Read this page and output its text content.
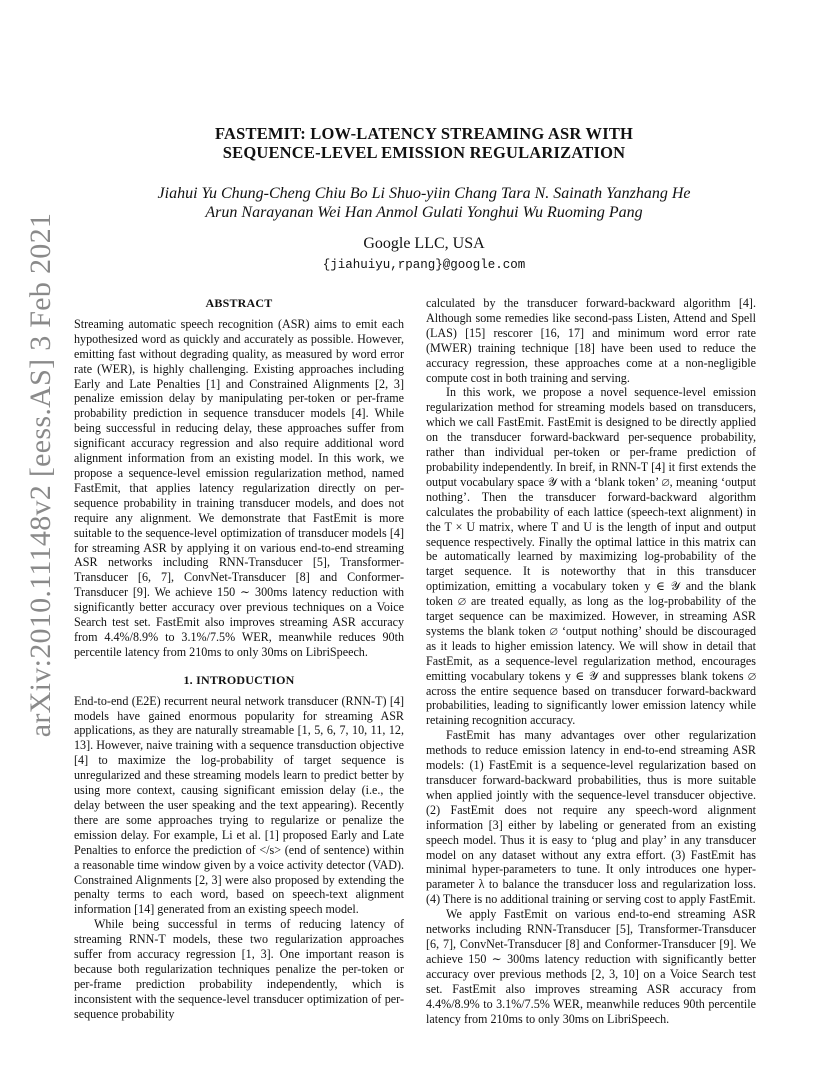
arXiv:2010.11148v2 [eess.AS] 3 Feb 2021
FASTEMIT: LOW-LATENCY STREAMING ASR WITH
SEQUENCE-LEVEL EMISSION REGULARIZATION
Jiahui Yu Chung-Cheng Chiu Bo Li Shuo-yiin Chang Tara N. Sainath Yanzhang He
Arun Narayanan Wei Han Anmol Gulati Yonghui Wu Ruoming Pang
Google LLC, USA
{jiahuiyu,rpang}@google.com
ABSTRACT

Streaming automatic speech recognition (ASR) aims to emit each hypothesized word as quickly and accurately as possible. However, emitting fast without degrading quality, as measured by word error rate (WER), is highly challenging. Existing approaches including Early and Late Penalties [1] and Constrained Alignments [2, 3] penalize emission delay by manipulating per-token or per-frame probability prediction in sequence transducer models [4]. While being successful in reducing delay, these approaches suffer from significant accuracy regression and also require additional word alignment information from an existing model. In this work, we propose a sequence-level emission regularization method, named FastEmit, that applies latency regularization directly on per-sequence probability in training transducer models, and does not require any alignment. We demonstrate that FastEmit is more suitable to the sequence-level optimization of transducer models [4] for streaming ASR by applying it on various end-to-end streaming ASR networks including RNN-Transducer [5], Transformer-Transducer [6, 7], ConvNet-Transducer [8] and Conformer-Transducer [9]. We achieve 150 ∼ 300ms latency reduction with significantly better accuracy over previous techniques on a Voice Search test set. FastEmit also improves streaming ASR accuracy from 4.4%/8.9% to 3.1%/7.5% WER, meanwhile reduces 90th percentile latency from 210ms to only 30ms on LibriSpeech.

1. INTRODUCTION

End-to-end (E2E) recurrent neural network transducer (RNN-T) [4] models have gained enormous popularity for streaming ASR applications, as they are naturally streamable [1, 5, 6, 7, 10, 11, 12, 13]. However, naive training with a sequence transduction objective [4] to maximize the log-probability of target sequence is unregularized and these streaming models learn to predict better by using more context, causing significant emission delay (i.e., the delay between the user speaking and the text appearing). Recently there are some approaches trying to regularize or penalize the emission delay. For example, Li et al. [1] proposed Early and Late Penalties to enforce the prediction of </s> (end of sentence) within a reasonable time window given by a voice activity detector (VAD). Constrained Alignments [2, 3] were also proposed by extending the penalty terms to each word, based on speech-text alignment information [14] generated from an existing speech model.

While being successful in terms of reducing latency of streaming RNN-T models, these two regularization approaches suffer from accuracy regression [1, 3]. One important reason is because both regularization techniques penalize the per-token or per-frame prediction probability independently, which is inconsistent with the sequence-level transducer optimization of per-sequence probability

calculated by the transducer forward-backward algorithm [4]. Although some remedies like second-pass Listen, Attend and Spell (LAS) [15] rescorer [16, 17] and minimum word error rate (MWER) training technique [18] have been used to reduce the accuracy regression, these approaches come at a non-negligible compute cost in both training and serving.

In this work, we propose a novel sequence-level emission regularization method for streaming models based on transducers, which we call FastEmit. FastEmit is designed to be directly applied on the transducer forward-backward per-sequence probability, rather than individual per-token or per-frame prediction of probability independently. In breif, in RNN-T [4] it first extends the output vocabulary space 𝒴 with a ‘blank token’ ∅, meaning ‘output nothing’. Then the transducer forward-backward algorithm calculates the probability of each lattice (speech-text alignment) in the T × U matrix, where T and U is the length of input and output sequence respectively. Finally the optimal lattice in this matrix can be automatically learned by maximizing log-probability of the target sequence. It is noteworthy that in this transducer optimization, emitting a vocabulary token y ∈ 𝒴 and the blank token ∅ are treated equally, as long as the log-probability of the target sequence can be maximized. However, in streaming ASR systems the blank token ∅ ‘output nothing’ should be discouraged as it leads to higher emission latency. We will show in detail that FastEmit, as a sequence-level regularization method, encourages emitting vocabulary tokens y ∈ 𝒴 and suppresses blank tokens ∅ across the entire sequence based on transducer forward-backward probabilities, leading to significantly lower emission latency while retaining recognition accuracy.

FastEmit has many advantages over other regularization methods to reduce emission latency in end-to-end streaming ASR models: (1) FastEmit is a sequence-level regularization based on transducer forward-backward probabilities, thus is more suitable when applied jointly with the sequence-level transducer objective. (2) FastEmit does not require any speech-word alignment information [3] either by labeling or generated from an existing speech model. Thus it is easy to ‘plug and play’ in any transducer model on any dataset without any extra effort. (3) FastEmit has minimal hyper-parameters to tune. It only introduces one hyper-parameter λ to balance the transducer loss and regularization loss. (4) There is no additional training or serving cost to apply FastEmit.

We apply FastEmit on various end-to-end streaming ASR networks including RNN-Transducer [5], Transformer-Transducer [6, 7], ConvNet-Transducer [8] and Conformer-Transducer [9]. We achieve 150 ∼ 300ms latency reduction with significantly better accuracy over previous methods [2, 3, 10] on a Voice Search test set. FastEmit also improves streaming ASR accuracy from 4.4%/8.9% to 3.1%/7.5% WER, meanwhile reduces 90th percentile latency from 210ms to only 30ms on LibriSpeech.
